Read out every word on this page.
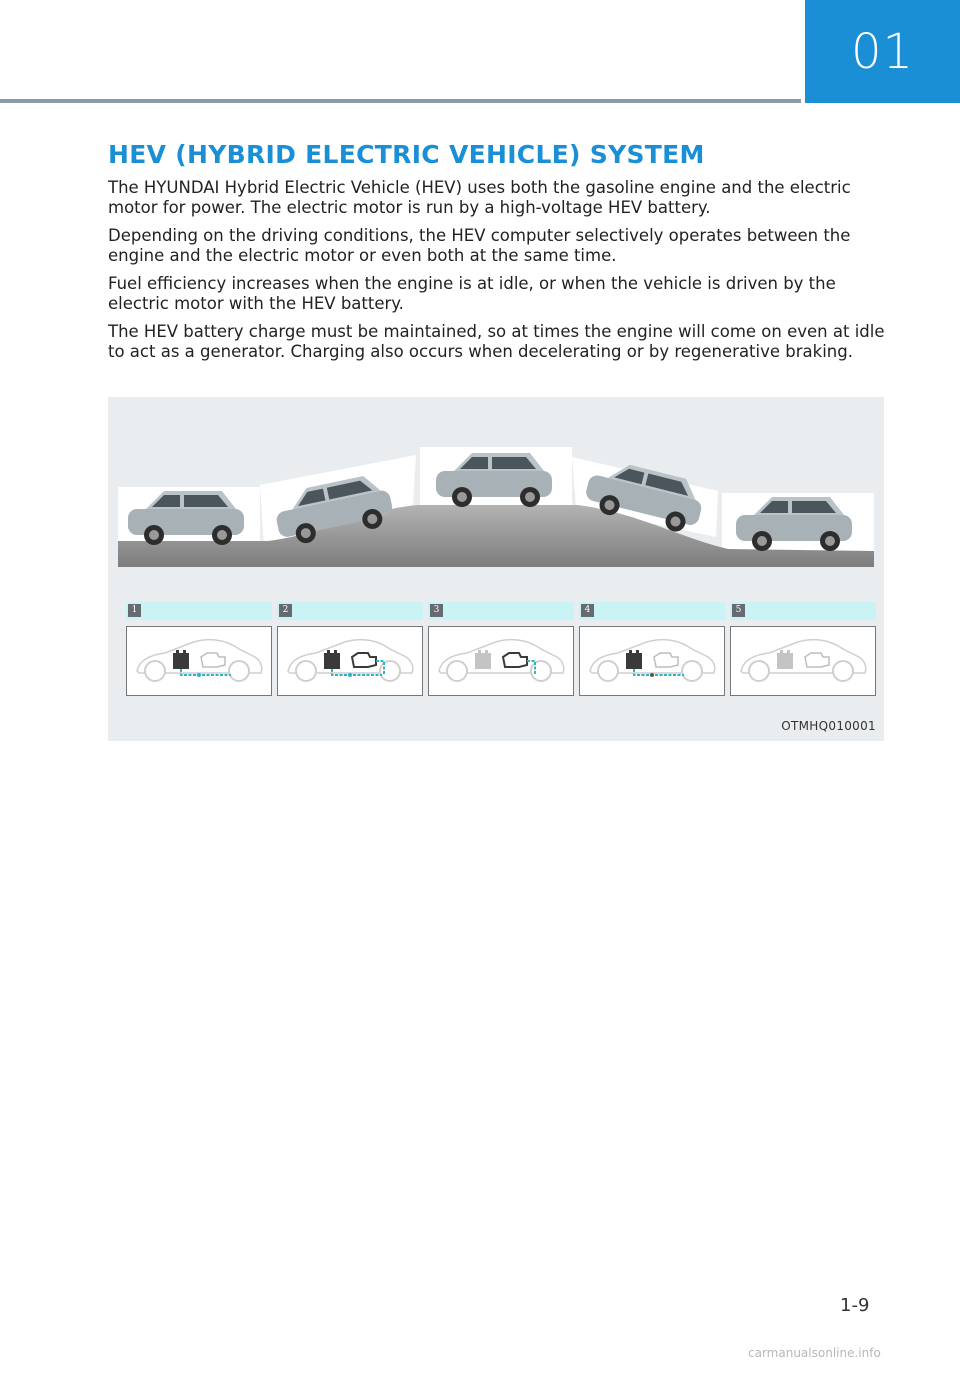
01
HEV (HYBRID ELECTRIC VEHICLE) SYSTEM

The HYUNDAI Hybrid Electric Vehicle (HEV) uses both the gasoline engine and the electric motor for power. The electric motor is run by a high-voltage HEV battery.

Depending on the driving conditions, the HEV computer selectively operates between the engine and the electric motor or even both at the same time.

Fuel efficiency increases when the engine is at idle, or when the vehicle is driven by the electric motor with the HEV battery.

The HEV battery charge must be maintained, so at times the engine will come on even at idle to act as a generator. Charging also occurs when decelerating or by regenerative braking.

1	2	3	4	5
OTMHQ010001
1-9
carmanualsonline.info
